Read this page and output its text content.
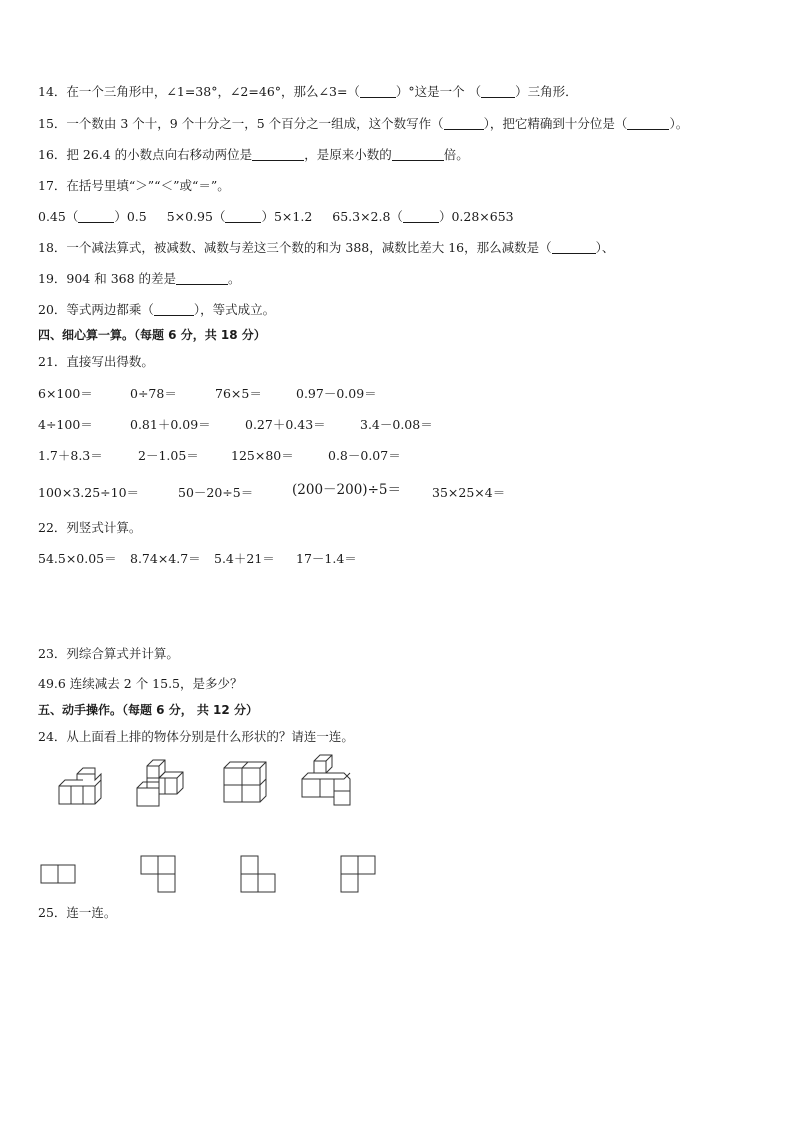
14．在一个三角形中，∠1=38°，∠2=46°，那么∠3=（	）°这是一个 （	）三角形．
15．一个数由 3 个十，9 个十分之一，5 个百分之一组成，这个数写作（	），把它精确到十分位是（	）。
16．把 26.4 的小数点向右移动两位是	，是原来小数的	倍。
17．在括号里填“＞”“＜”或“＝”。
0.45（	）0.5 5×0.95（	）5×1.2 65.3×2.8（	）0.28×653
18．一个减法算式，被减数、减数与差这三个数的和为 388，减数比差大 16，那么减数是（	）、
19．904 和 368 的差是	。
20．等式两边都乘（	），等式成立。
四、细心算一算。（每题 6 分，共 18 分）
21．直接写出得数。
6×100＝	0÷78＝	76×5＝	0.97－0.09＝
4÷100＝	0.81＋0.09＝	0.27＋0.43＝	3.4－0.08＝
1.7＋8.3＝	2－1.05＝	125×80＝	0.8－0.07＝
100×3.25÷10＝	50－20÷5＝	(200－200)÷5＝ 35×25×4＝
22．列竖式计算。
54.5×0.05＝ 8.74×4.7＝ 5.4＋21＝ 17－1.4＝
23．列综合算式并计算。
49.6 连续减去 2 个 15.5，是多少？
五、动手操作。（每题 6 分， 共 12 分）
24．从上面看上排的物体分别是什么形状的？请连一连。
25．连一连。
